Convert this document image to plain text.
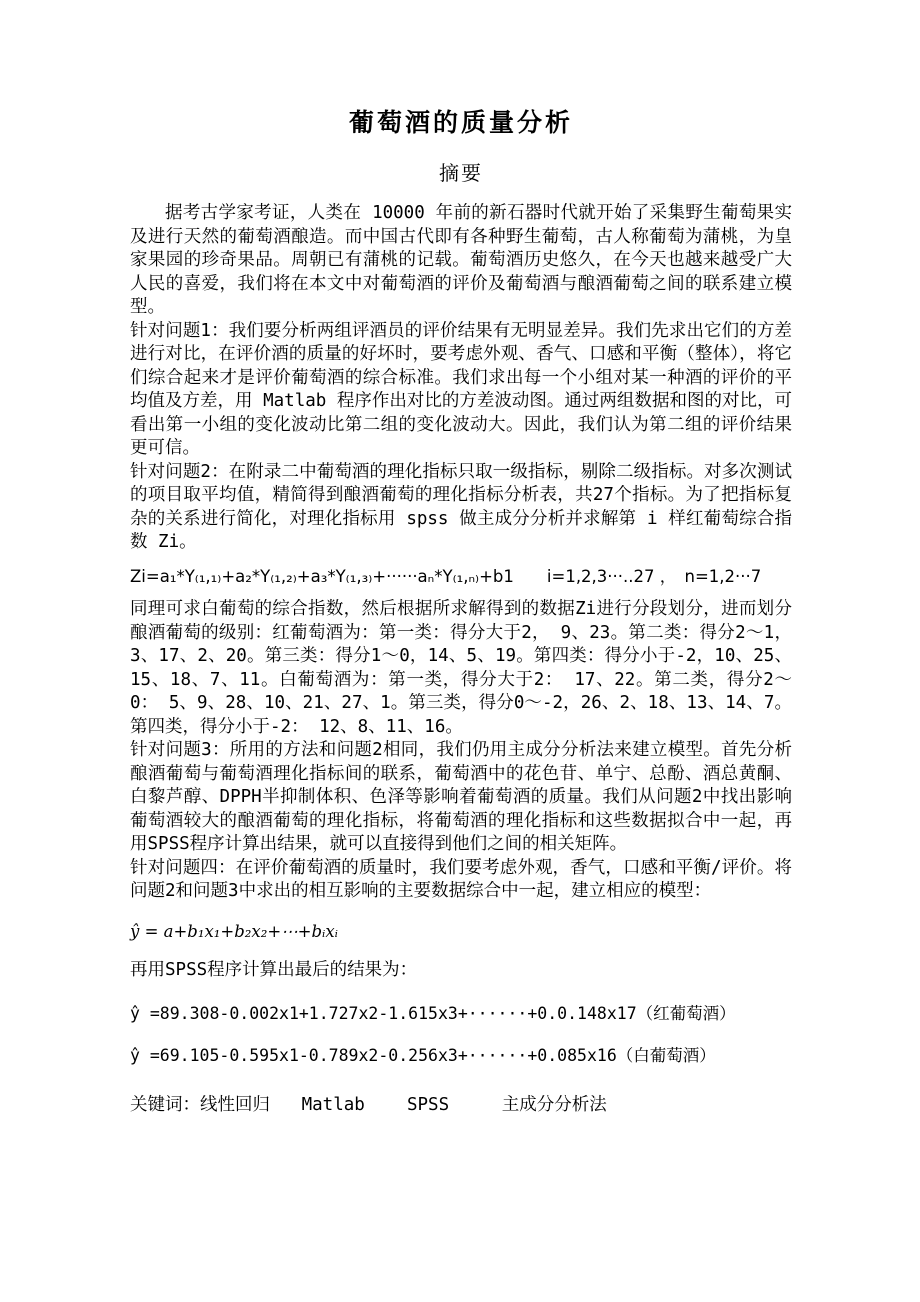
葡萄酒的质量分析
摘要

据考古学家考证，人类在 10000 年前的新石器时代就开始了采集野生葡萄果实及进行天然的葡萄酒酿造。而中国古代即有各种野生葡萄，古人称葡萄为蒲桃，为皇家果园的珍奇果品。周朝已有蒲桃的记载。葡萄酒历史悠久，在今天也越来越受广大人民的喜爱，我们将在本文中对葡萄酒的评价及葡萄酒与酿酒葡萄之间的联系建立模型。

针对问题1：我们要分析两组评酒员的评价结果有无明显差异。我们先求出它们的方差进行对比，在评价酒的质量的好坏时，要考虑外观、香气、口感和平衡（整体），将它们综合起来才是评价葡萄酒的综合标准。我们求出每一个小组对某一种酒的评价的平均值及方差，用 Matlab 程序作出对比的方差波动图。通过两组数据和图的对比，可看出第一小组的变化波动比第二组的变化波动大。因此，我们认为第二组的评价结果更可信。

针对问题2：在附录二中葡萄酒的理化指标只取一级指标，剔除二级指标。对多次测试的项目取平均值，精简得到酿酒葡萄的理化指标分析表，共27个指标。为了把指标复杂的关系进行简化，对理化指标用 spss 做主成分分析并求解第 i 样红葡萄综合指数 Zi。

Zi=a₁*Y₍₁,₁₎+a₂*Y₍₁,₂₎+a₃*Y₍₁,₃₎+······aₙ*Y₍₁,ₙ₎+b1　　i=1,2,3···..27 ，　n=1,2···7

同理可求白葡萄的综合指数，然后根据所求解得到的数据Zi进行分段划分，进而划分酿酒葡萄的级别：红葡萄酒为：第一类：得分大于2， 9、23。第二类：得分2～1，3、17、2、20。第三类：得分1～0，14、5、19。第四类：得分小于-2，10、25、15、18、7、11。白葡萄酒为：第一类，得分大于2： 17、22。第二类，得分2～0： 5、9、28、10、21、27、1。第三类，得分0～-2，26、2、18、13、14、7。第四类，得分小于-2： 12、8、11、16。

针对问题3：所用的方法和问题2相同，我们仍用主成分分析法来建立模型。首先分析酿酒葡萄与葡萄酒理化指标间的联系，葡萄酒中的花色苷、单宁、总酚、酒总黄酮、白黎芦醇、DPPH半抑制体积、色泽等影响着葡萄酒的质量。我们从问题2中找出影响葡萄酒较大的酿酒葡萄的理化指标，将葡萄酒的理化指标和这些数据拟合中一起，再用SPSS程序计算出结果，就可以直接得到他们之间的相关矩阵。

针对问题四：在评价葡萄酒的质量时，我们要考虑外观，香气，口感和平衡/评价。将问题2和问题3中求出的相互影响的主要数据综合中一起，建立相应的模型：

ŷ = a+b₁x₁+b₂x₂+⋯+bᵢxᵢ

再用SPSS程序计算出最后的结果为：

ŷ =89.308-0.002x1+1.727x2-1.615x3+······+0.0.148x17（红葡萄酒）

ŷ =69.105-0.595x1-0.789x2-0.256x3+······+0.085x16（白葡萄酒）

关键词：线性回归   Matlab    SPSS     主成分分析法
